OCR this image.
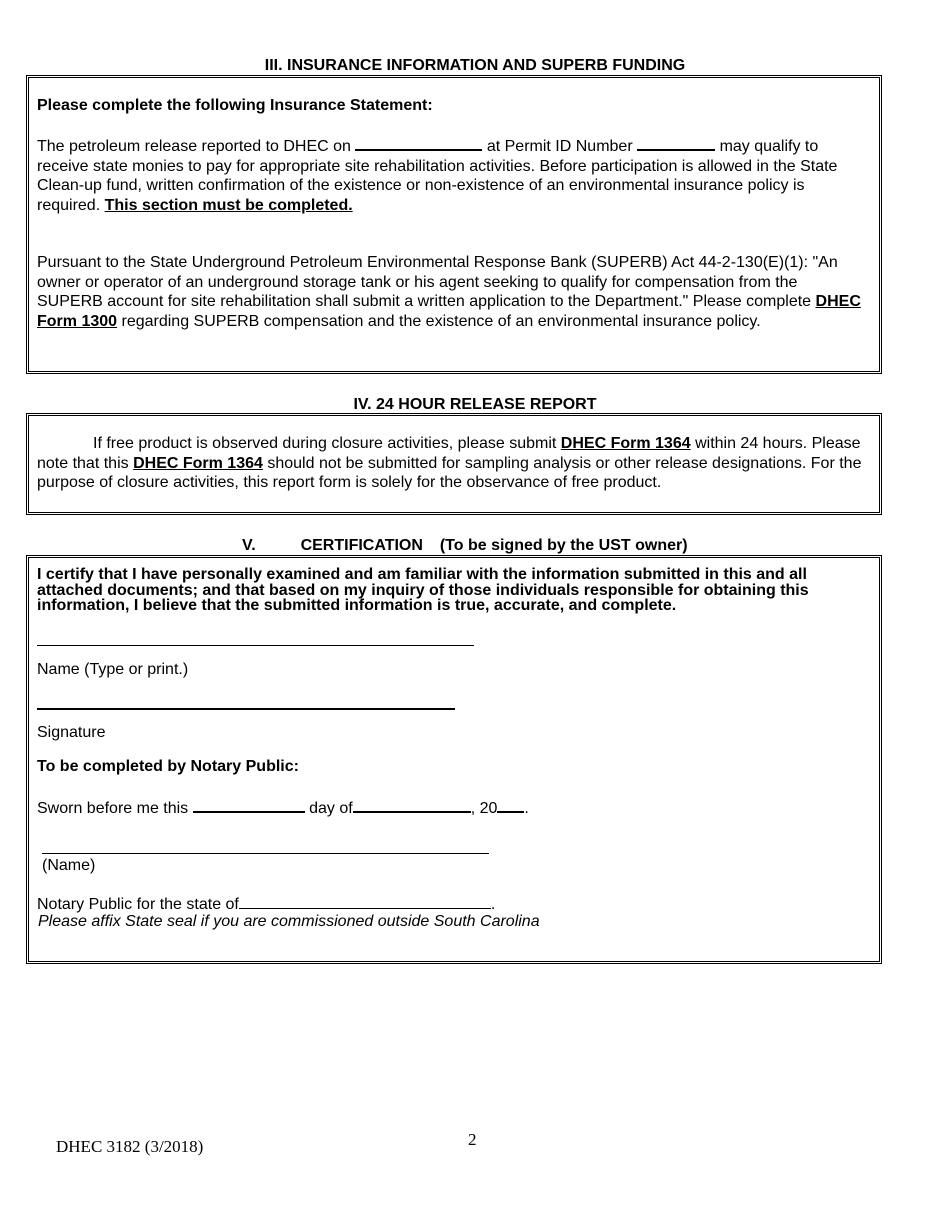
III. INSURANCE INFORMATION AND SUPERB FUNDING
Please complete the following Insurance Statement:
The petroleum release reported to DHEC on	at Permit ID Number	may qualify to receive state monies to pay for appropriate site rehabilitation activities. Before participation is allowed in the State Clean-up fund, written confirmation of the existence or non-existence of an environmental insurance policy is required. This section must be completed.
Pursuant to the State Underground Petroleum Environmental Response Bank (SUPERB) Act 44-2-130(E)(1): "An owner or operator of an underground storage tank or his agent seeking to qualify for compensation from the SUPERB account for site rehabilitation shall submit a written application to the Department." Please complete DHEC Form 1300 regarding SUPERB compensation and the existence of an environmental insurance policy.
IV. 24 HOUR RELEASE REPORT
If free product is observed during closure activities, please submit DHEC Form 1364 within 24 hours. Please note that this DHEC Form 1364 should not be submitted for sampling analysis or other release designations. For the purpose of closure activities, this report form is solely for the observance of free product.
V.	CERTIFICATION (To be signed by the UST owner)
I certify that I have personally examined and am familiar with the information submitted in this and all attached documents; and that based on my inquiry of those individuals responsible for obtaining this information, I believe that the submitted information is true, accurate, and complete.
Name (Type or print.)
Signature
To be completed by Notary Public:
Sworn before me this	day of	, 20 .
(Name)
Notary Public for the state of	.
Please affix State seal if you are commissioned outside South Carolina
DHEC 3182 (3/2018)	2
